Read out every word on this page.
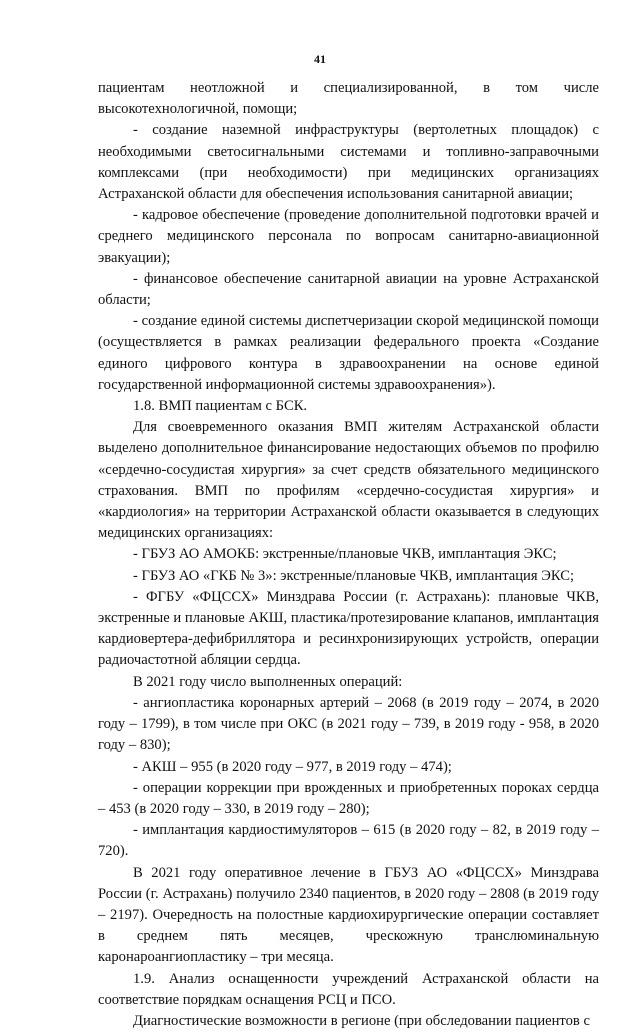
41

пациентам неотложной и специализированной, в том числе высокотехнологичной, помощи;

- создание наземной инфраструктуры (вертолетных площадок) с необходимыми светосигнальными системами и топливно-заправочными комплексами (при необходимости) при медицинских организациях Астраханской области для обеспечения использования санитарной авиации;

- кадровое обеспечение (проведение дополнительной подготовки врачей и среднего медицинского персонала по вопросам санитарно-авиационной эвакуации);

- финансовое обеспечение санитарной авиации на уровне Астраханской области;

- создание единой системы диспетчеризации скорой медицинской помощи (осуществляется в рамках реализации федерального проекта «Создание единого цифрового контура в здравоохранении на основе единой государственной информационной системы здравоохранения»).

1.8. ВМП пациентам с БСК.

Для своевременного оказания ВМП жителям Астраханской области выделено дополнительное финансирование недостающих объемов по профилю «сердечно-сосудистая хирургия» за счет средств обязательного медицинского страхования. ВМП по профилям «сердечно-сосудистая хирургия» и «кардиология» на территории Астраханской области оказывается в следующих медицинских организациях:

- ГБУЗ АО АМОКБ: экстренные/плановые ЧКВ, имплантация ЭКС;

- ГБУЗ АО «ГКБ № 3»: экстренные/плановые ЧКВ, имплантация ЭКС;

- ФГБУ «ФЦССХ» Минздрава России (г. Астрахань): плановые ЧКВ, экстренные и плановые АКШ, пластика/протезирование клапанов, имплантация кардиовертера-дефибриллятора и ресинхронизирующих устройств, операции радиочастотной абляции сердца.

В 2021 году число выполненных операций:

- ангиопластика коронарных артерий – 2068 (в 2019 году – 2074, в 2020 году – 1799), в том числе при ОКС (в 2021 году – 739, в 2019 году - 958, в 2020 году – 830);

- АКШ – 955 (в 2020 году – 977, в 2019 году – 474);

- операции коррекции при врожденных и приобретенных пороках сердца – 453 (в 2020 году – 330, в 2019 году – 280);

- имплантация кардиостимуляторов – 615 (в 2020 году – 82, в 2019 году – 720).

В 2021 году оперативное лечение в ГБУЗ АО «ФЦССХ» Минздрава России (г. Астрахань) получило 2340 пациентов, в 2020 году – 2808 (в 2019 году – 2197). Очередность на полостные кардиохирургические операции составляет в среднем пять месяцев, чрескожную транслюминальную каронароангиопластику – три месяца.

1.9. Анализ оснащенности учреждений Астраханской области на соответствие порядкам оснащения РСЦ и ПСО.

Диагностические возможности в регионе (при обследовании пациентов с
